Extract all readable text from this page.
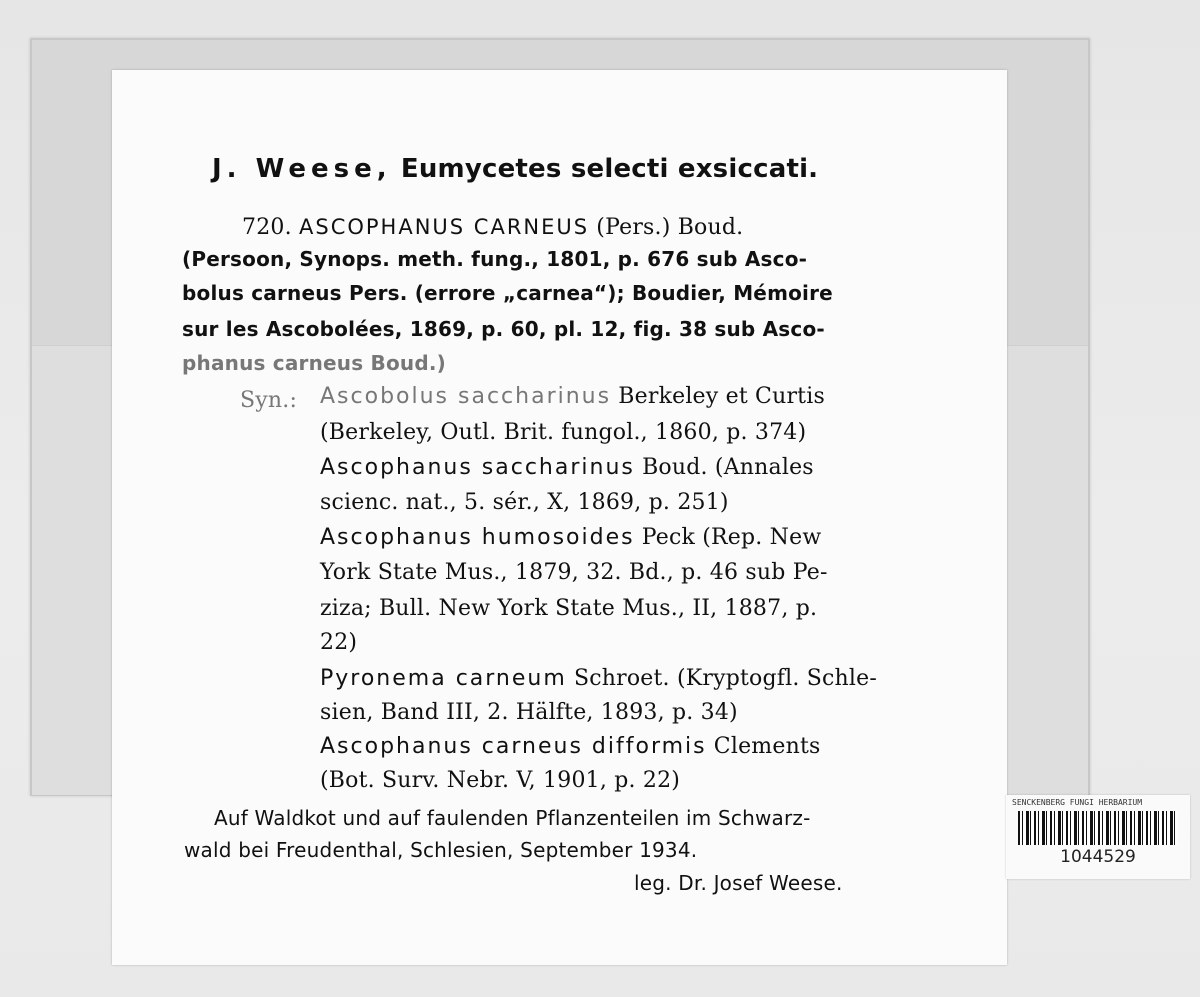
J. Weese, Eumycetes selecti exsiccati.
720. ASCOPHANUS CARNEUS (Pers.) Boud.
(Persoon, Synops. meth. fung., 1801, p. 676 sub Asco-
bolus carneus Pers. (errore „carnea“); Boudier, Mémoire
sur les Ascobolées, 1869, p. 60, pl. 12, fig. 38 sub Asco-
phanus carneus Boud.)
Syn.: Ascobolus saccharinus Berkeley et Curtis
(Berkeley, Outl. Brit. fungol., 1860, p. 374)
Ascophanus saccharinus Boud. (Annales
scienc. nat., 5. sér., X, 1869, p. 251)
Ascophanus humosoides Peck (Rep. New
York State Mus., 1879, 32. Bd., p. 46 sub Pe-
ziza; Bull. New York State Mus., II, 1887, p.
22)
Pyronema carneum Schroet. (Kryptogfl. Schle-
sien, Band III, 2. Hälfte, 1893, p. 34)
Ascophanus carneus difformis Clements
(Bot. Surv. Nebr. V, 1901, p. 22)
Auf Waldkot und auf faulenden Pflanzenteilen im Schwarz-
wald bei Freudenthal, Schlesien, September 1934.
leg. Dr. Josef Weese.
SENCKENBERG FUNGI HERBARIUM
1044529
